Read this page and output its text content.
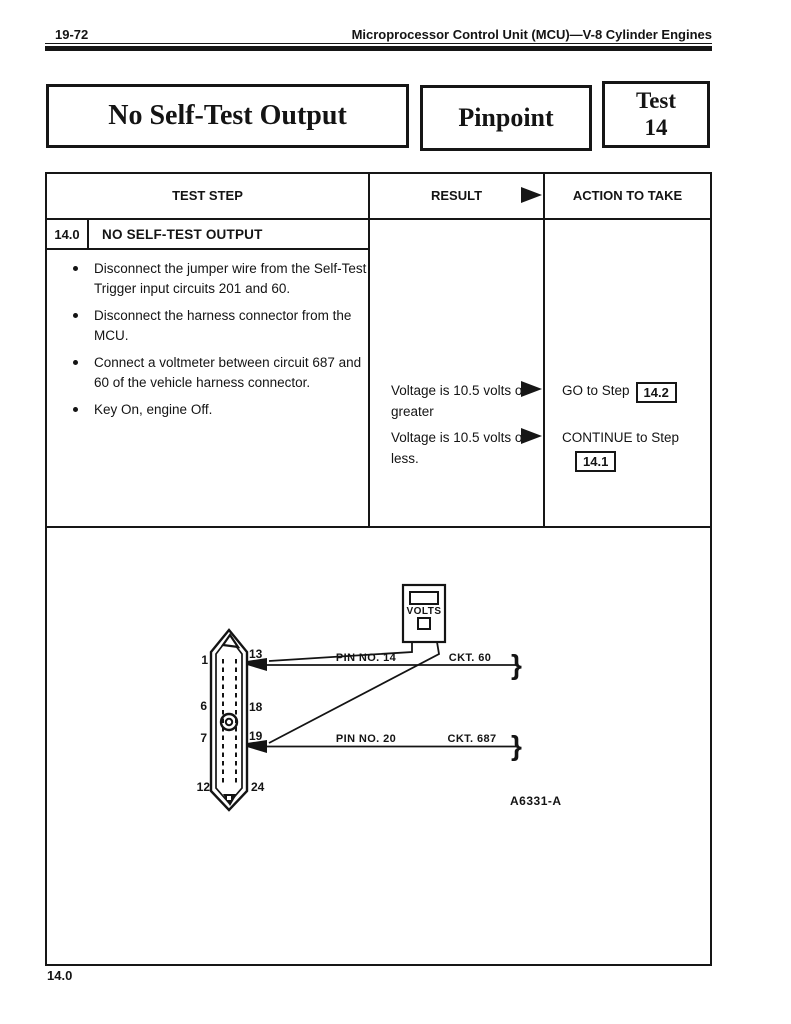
19-72	Microprocessor Control Unit (MCU)—V-8 Cylinder Engines
No Self-Test Output	Pinpoint
Test
14
TEST STEP	RESULT	ACTION TO TAKE
14.0	NO SELF-TEST OUTPUT
Disconnect the jumper wire from the Self-Test Trigger input circuits 201 and 60.
Disconnect the harness connector from the MCU.
Connect a voltmeter between circuit 687 and 60 of the vehicle harness connector.
Key On, engine Off.
Voltage is 10.5 volts or greater
GO to Step 14.2
Voltage is 10.5 volts or less.
CONTINUE to Step
14.1
1
6
7
12
13
18
19
24
VOLTS
PIN NO. 14	CKT. 60
PIN NO. 20	CKT. 687
}
}
A6331-A
14.0
